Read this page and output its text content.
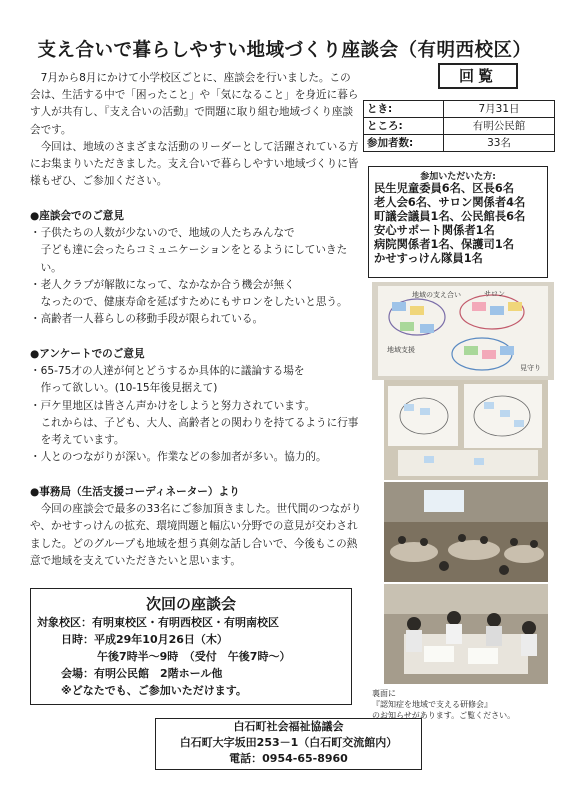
支え合いで暮らしやすい地域づくり座談会（有明西校区）

7月から8月にかけて小学校区ごとに、座談会を行いました。この会は、生活する中で「困ったこと」や「気になること」を身近に暮らす人が共有し、『支え合いの活動』で問題に取り組む地域づくり座談会です。

今回は、地域のさまざまな活動のリーダーとして活躍されている方にお集まりいただきました。支え合いで暮らしやすい地域づくりに皆様もぜひ、ご参加ください。

回覧
とき:	7月31日
ところ:	有明公民館
参加者数:	33名
参加いただいた方:
民生児童委員6名、区長6名
老人会6名、サロン関係者4名
町議会議員1名、公民館長6名
安心サポート関係者1名
病院関係者1名、保護司1名
かせすっけん隊員1名
●座談会でのご意見
・子供たちの人数が少ないので、地域の人たちみんなで
子ども達に会ったらコミュニケーションをとるようにしていきたい。
・老人クラブが解散になって、なかなか合う機会が無く
なったので、健康寿命を延ばすためにもサロンをしたいと思う。
・高齢者一人暮らしの移動手段が限られている。
●アンケートでのご意見
・65-75才の人達が何とどうするか具体的に議論する場を
作って欲しい。(10-15年後見据えて)
・戸ケ里地区は皆さん声かけをしようと努力されています。
これからは、子ども、大人、高齢者との関わりを持てるように行事を考えています。
・人とのつながりが深い。作業などの参加者が多い。協力的。
●事務局（生活支援コーディネーター）より
今回の座談会で最多の33名にご参加頂きました。世代間のつながりや、かせすっけんの拡充、環境問題と幅広い分野での意見が交わされました。どのグループも地域を想う真剣な話し合いで、今後もこの熱意で地域を支えていただきたいと思います。
地域の支え合い	サロン
地域支援
見守り
次回の座談会
対象校区：有明東校区・有明西校区・有明南校区
日時：平成29年10月26日（木）
午後7時半～9時　（受付　午後7時～）
会場：有明公民館　2階ホール他
※どなたでも、ご参加いただけます。	裏面に
『認知症を地域で支える研修会』
のお知らせがあります。ご覧ください。
白石町社会福祉協議会
白石町大字坂田253－1（白石町交流館内）
電話：0954-65-8960
